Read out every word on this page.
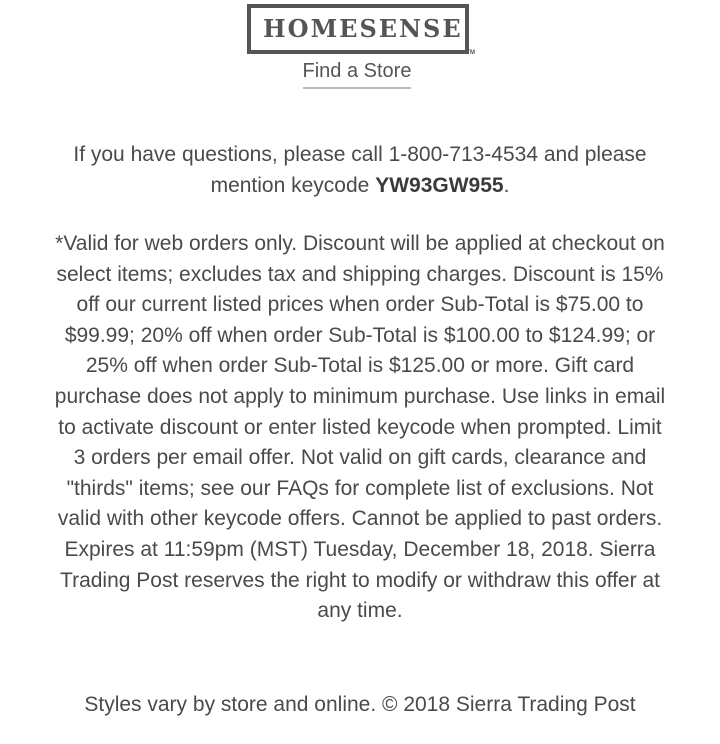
HOMESENSE
TM
Find a Store
If you have questions, please call 1-800-713-4534 and please mention keycode YW93GW955.
*Valid for web orders only. Discount will be applied at checkout on select items; excludes tax and shipping charges. Discount is 15% off our current listed prices when order Sub-Total is $75.00 to $99.99; 20% off when order Sub-Total is $100.00 to $124.99; or 25% off when order Sub-Total is $125.00 or more. Gift card purchase does not apply to minimum purchase. Use links in email to activate discount or enter listed keycode when prompted. Limit 3 orders per email offer. Not valid on gift cards, clearance and "thirds" items; see our FAQs for complete list of exclusions. Not valid with other keycode offers. Cannot be applied to past orders. Expires at 11:59pm (MST) Tuesday, December 18, 2018. Sierra Trading Post reserves the right to modify or withdraw this offer at any time.
Styles vary by store and online. © 2018 Sierra Trading Post
